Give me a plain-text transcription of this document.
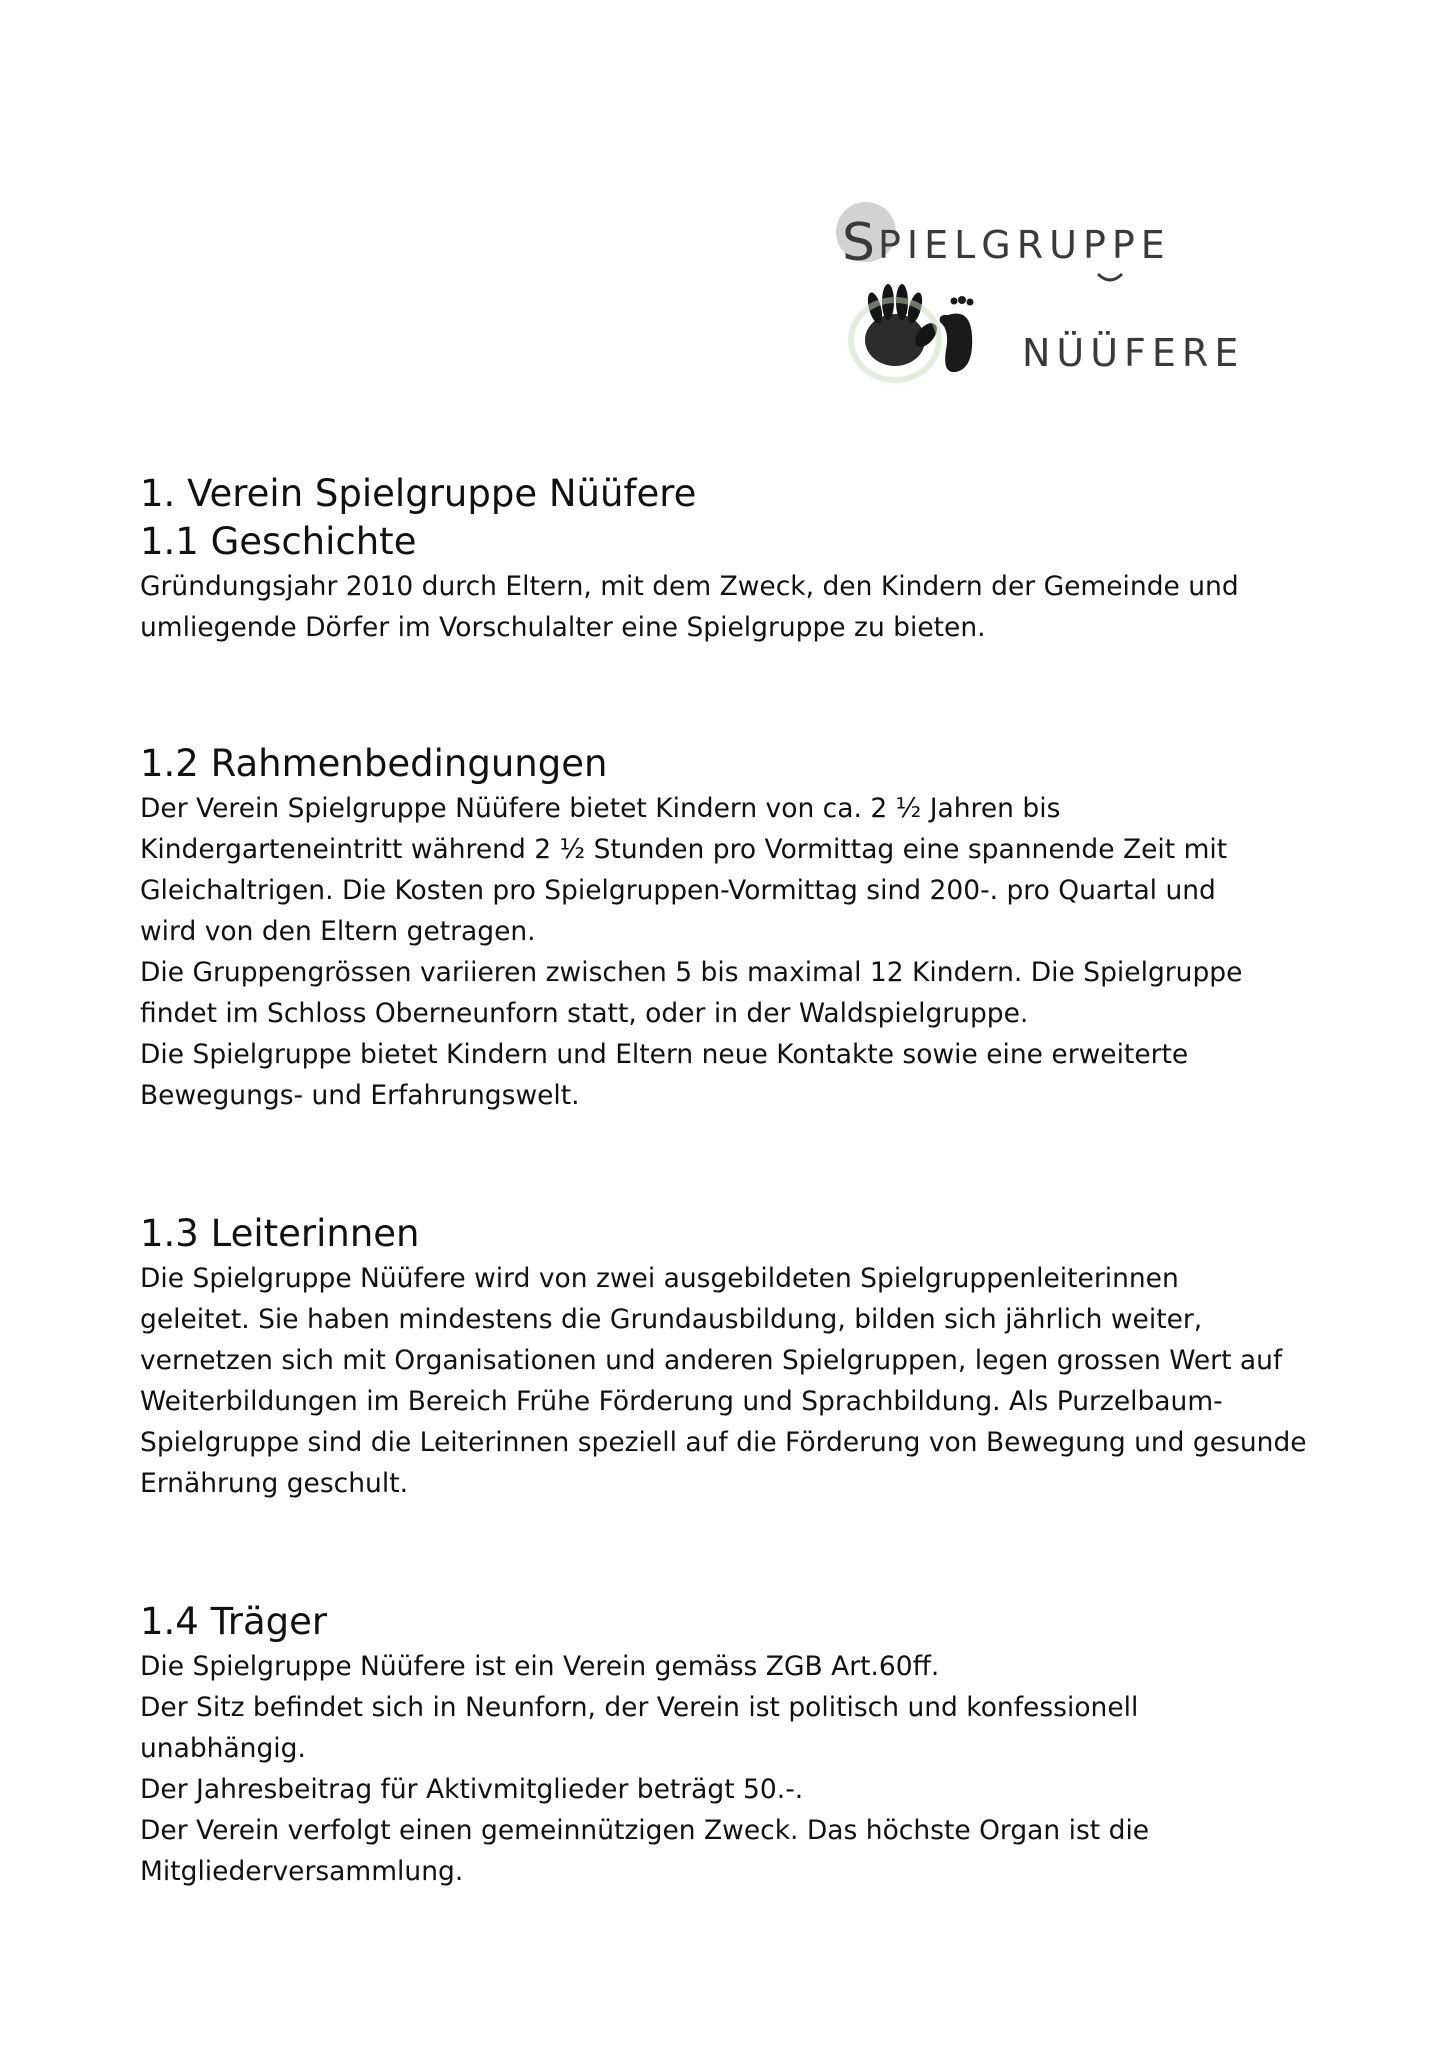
S PIELGRUPPE
NÜÜFERE
1. Verein Spielgruppe Nüüfere
1.1 Geschichte

Gründungsjahr 2010 durch Eltern, mit dem Zweck, den Kindern der Gemeinde und

umliegende Dörfer im Vorschulalter eine Spielgruppe zu bieten.

1.2 Rahmenbedingungen

Der Verein Spielgruppe Nüüfere bietet Kindern von ca. 2 ½ Jahren bis

Kindergarteneintritt während 2 ½ Stunden pro Vormittag eine spannende Zeit mit

Gleichaltrigen. Die Kosten pro Spielgruppen-Vormittag sind 200-. pro Quartal und

wird von den Eltern getragen.

Die Gruppengrössen variieren zwischen 5 bis maximal 12 Kindern. Die Spielgruppe

findet im Schloss Oberneunforn statt, oder in der Waldspielgruppe.

Die Spielgruppe bietet Kindern und Eltern neue Kontakte sowie eine erweiterte

Bewegungs- und Erfahrungswelt.

1.3 Leiterinnen

Die Spielgruppe Nüüfere wird von zwei ausgebildeten Spielgruppenleiterinnen

geleitet. Sie haben mindestens die Grundausbildung, bilden sich jährlich weiter,

vernetzen sich mit Organisationen und anderen Spielgruppen, legen grossen Wert auf

Weiterbildungen im Bereich Frühe Förderung und Sprachbildung. Als Purzelbaum-

Spielgruppe sind die Leiterinnen speziell auf die Förderung von Bewegung und gesunde

Ernährung geschult.

1.4 Träger

Die Spielgruppe Nüüfere ist ein Verein gemäss ZGB Art.60ff.

Der Sitz befindet sich in Neunforn, der Verein ist politisch und konfessionell

unabhängig.

Der Jahresbeitrag für Aktivmitglieder beträgt 50.-.

Der Verein verfolgt einen gemeinnützigen Zweck. Das höchste Organ ist die

Mitgliederversammlung.
